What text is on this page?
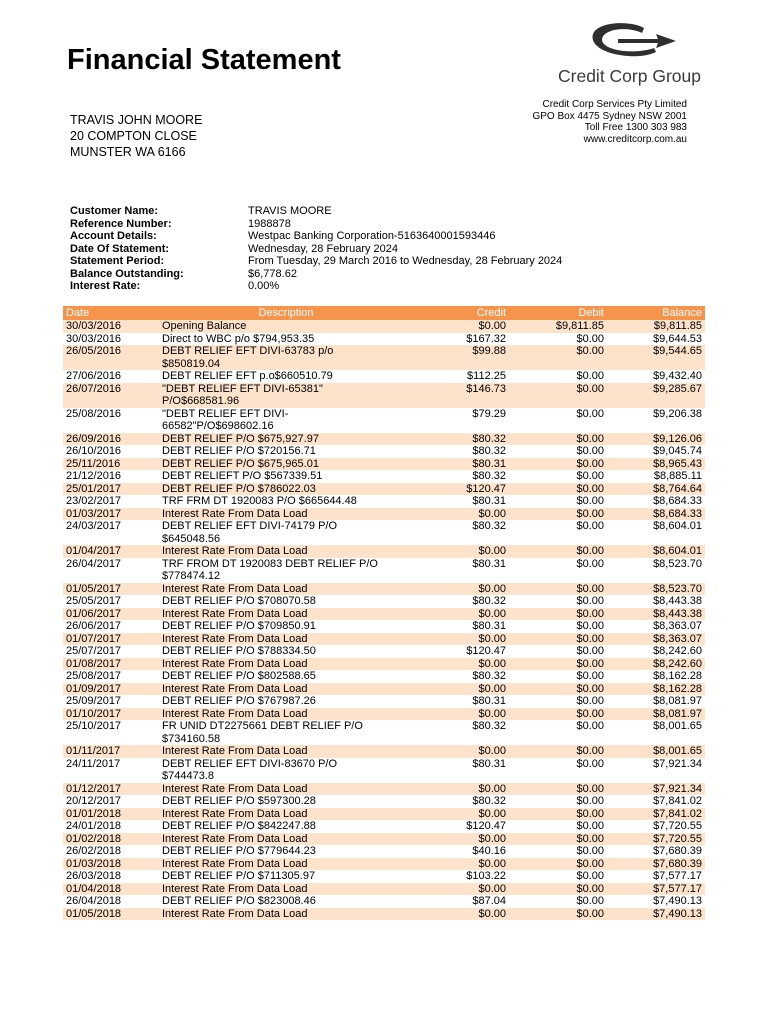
Financial Statement	Credit Corp Group
Credit Corp Services Pty Limited
GPO Box 4475 Sydney NSW 2001
Toll Free 1300 303 983
www.creditcorp.com.au
TRAVIS JOHN MOORE
20 COMPTON CLOSE
MUNSTER WA 6166
Customer Name:	TRAVIS MOORE
Reference Number:	1988878
Account Details:	Westpac Banking Corporation-516364000159​3446
Date Of Statement:	Wednesday, 28 February 2024
Statement Period:	From Tuesday, 29 March 2016 to Wednesday, 28 February 2024
Balance Outstanding:	$6,778.62
Interest Rate:	0.00%
Date	Description	Credit	Debit	Balance
30/03/2016	Opening Balance	$0.00	$9,811.85	$9,811.85
30/03/2016	Direct to WBC p/o $794,953.35	$167.32	$0.00	$9,644.53
26/05/2016	DEBT RELIEF EFT DIVI-63783 p/o
$850819.04	$99.88	$0.00	$9,544.65
27/06/2016	DEBT RELIEF EFT p.o$660510.79	$112.25	$0.00	$9,432.40
26/07/2016	"DEBT RELIEF EFT DIVI-65381"
P/O$668581.96	$146.73	$0.00	$9,285.67
25/08/2016	"DEBT RELIEF EFT DIVI-
66582"P/O$698602.16	$79.29	$0.00	$9,206.38
26/09/2016	DEBT RELIEF P/O $675,927.97	$80.32	$0.00	$9,126.06
26/10/2016	DEBT RELIEF P/O $720156.71	$80.32	$0.00	$9,045.74
25/11/2016	DEBT RELIEF P/O $675,965.01	$80.31	$0.00	$8,965.43
21/12/2016	DEBT RELIEFT P/O $567339.51	$80.32	$0.00	$8,885.11
25/01/2017	DEBT RELIEF P/O $786022.03	$120.47	$0.00	$8,764.64
23/02/2017	TRF FRM DT 1920083 P/O $665644.48	$80.31	$0.00	$8,684.33
01/03/2017	Interest Rate From Data Load	$0.00	$0.00	$8,684.33
24/03/2017	DEBT RELIEF EFT DIVI-74179 P/O
$645048.56	$80.32	$0.00	$8,604.01
01/04/2017	Interest Rate From Data Load	$0.00	$0.00	$8,604.01
26/04/2017	TRF FROM DT 1920083 DEBT RELIEF P/O
$778474.12	$80.31	$0.00	$8,523.70
01/05/2017	Interest Rate From Data Load	$0.00	$0.00	$8,523.70
25/05/2017	DEBT RELIEF P/O $708070.58	$80.32	$0.00	$8,443.38
01/06/2017	Interest Rate From Data Load	$0.00	$0.00	$8,443.38
26/06/2017	DEBT RELIEF P/O $709850.91	$80.31	$0.00	$8,363.07
01/07/2017	Interest Rate From Data Load	$0.00	$0.00	$8,363.07
25/07/2017	DEBT RELIEF P/O $788334.50	$120.47	$0.00	$8,242.60
01/08/2017	Interest Rate From Data Load	$0.00	$0.00	$8,242.60
25/08/2017	DEBT RELIEF P/O $802588.65	$80.32	$0.00	$8,162.28
01/09/2017	Interest Rate From Data Load	$0.00	$0.00	$8,162.28
25/09/2017	DEBT RELIEF P/O $767987.26	$80.31	$0.00	$8,081.97
01/10/2017	Interest Rate From Data Load	$0.00	$0.00	$8,081.97
25/10/2017	FR UNID DT2275661 DEBT RELIEF P/O
$734160.58	$80.32	$0.00	$8,001.65
01/11/2017	Interest Rate From Data Load	$0.00	$0.00	$8,001.65
24/11/2017	DEBT RELIEF EFT DIVI-83670 P/O
$744473.8	$80.31	$0.00	$7,921.34
01/12/2017	Interest Rate From Data Load	$0.00	$0.00	$7,921.34
20/12/2017	DEBT RELIEF P/O $597300.28	$80.32	$0.00	$7,841.02
01/01/2018	Interest Rate From Data Load	$0.00	$0.00	$7,841.02
24/01/2018	DEBT RELIEF P/O $842247.88	$120.47	$0.00	$7,720.55
01/02/2018	Interest Rate From Data Load	$0.00	$0.00	$7,720.55
26/02/2018	DEBT RELIEF P/O $779644.23	$40.16	$0.00	$7,680.39
01/03/2018	Interest Rate From Data Load	$0.00	$0.00	$7,680.39
26/03/2018	DEBT RELIEF P/O $711305.97	$103.22	$0.00	$7,577.17
01/04/2018	Interest Rate From Data Load	$0.00	$0.00	$7,577.17
26/04/2018	DEBT RELIEF P/O $823008.46	$87.04	$0.00	$7,490.13
01/05/2018	Interest Rate From Data Load	$0.00	$0.00	$7,490.13
